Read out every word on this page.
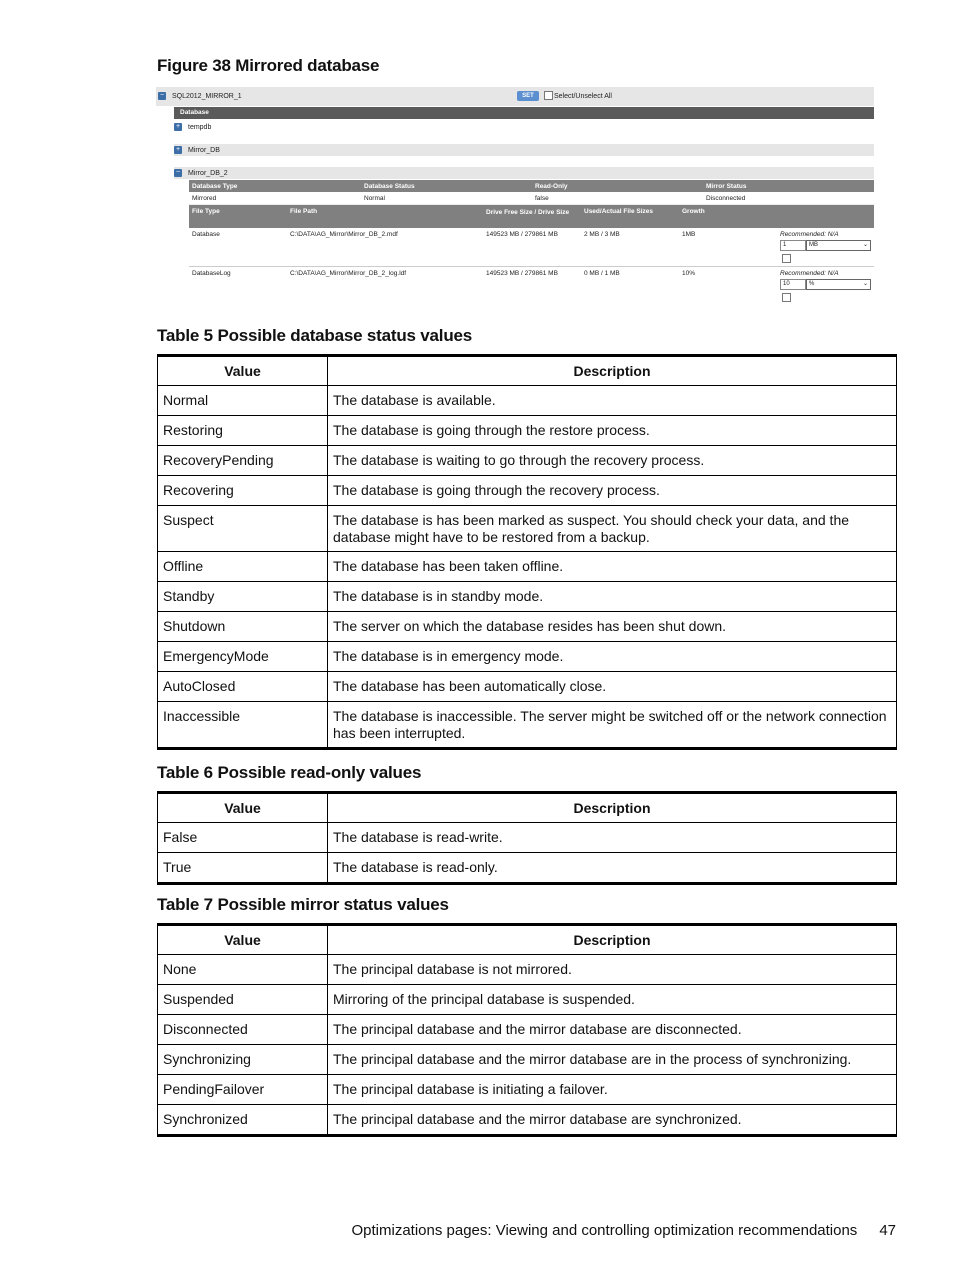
Figure 38 Mirrored database
− SQL2012_MIRROR_1	SET	Select/Unselect All
Database
+ tempdb
+ Mirror_DB
− Mirror_DB_2
Database Type	Database Status	Read-Only	Mirror Status
Mirrored	Normal	false	Disconnected
File Type	File Path	Drive Free Size / Drive Size	Used/Actual File Sizes	Growth
Database	C:\DATA\AG_Mirror\Mirror_DB_2.mdf	149523 MB / 279861 MB	2 MB / 3 MB	1MB	Recommended: N/A
1	MB	⌄
DatabaseLog	C:\DATA\AG_Mirror\Mirror_DB_2_log.ldf	149523 MB / 279861 MB	0 MB / 1 MB	10%	Recommended: N/A
10	%	⌄
Table 5 Possible database status values
Value	Description
Normal	The database is available.
Restoring	The database is going through the restore process.
RecoveryPending	The database is waiting to go through the recovery process.
Recovering	The database is going through the recovery process.
Suspect	The database is has been marked as suspect. You should check your data, and the database might have to be restored from a backup.
Offline	The database has been taken offline.
Standby	The database is in standby mode.
Shutdown	The server on which the database resides has been shut down.
EmergencyMode	The database is in emergency mode.
AutoClosed	The database has been automatically close.
Inaccessible	The database is inaccessible. The server might be switched off or the network connection has been interrupted.
Table 6 Possible read-only values
Value	Description
False	The database is read-write.
True	The database is read-only.
Table 7 Possible mirror status values
Value	Description
None	The principal database is not mirrored.
Suspended	Mirroring of the principal database is suspended.
Disconnected	The principal database and the mirror database are disconnected.
Synchronizing	The principal database and the mirror database are in the process of synchronizing.
PendingFailover	The principal database is initiating a failover.
Synchronized	The principal database and the mirror database are synchronized.
Optimizations pages: Viewing and controlling optimization recommendations 47
